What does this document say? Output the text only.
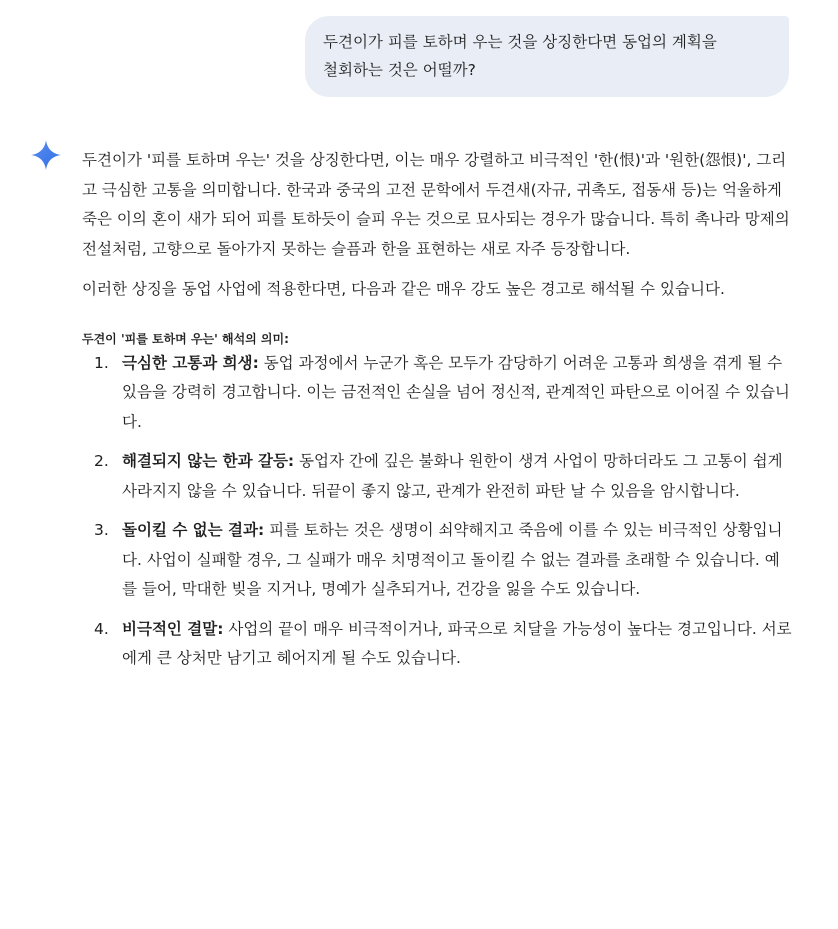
두견이가 피를 토하며 우는 것을 상징한다면 동업의 계획을 철회하는 것은 어떨까?

두견이가 '피를 토하며 우는' 것을 상징한다면, 이는 매우 강렬하고 비극적인 '한(恨)'과 '원한(怨恨)', 그리고 극심한 고통을 의미합니다. 한국과 중국의 고전 문학에서 두견새(자규, 귀촉도, 접동새 등)는 억울하게 죽은 이의 혼이 새가 되어 피를 토하듯이 슬피 우는 것으로 묘사되는 경우가 많습니다. 특히 촉나라 망제의 전설처럼, 고향으로 돌아가지 못하는 슬픔과 한을 표현하는 새로 자주 등장합니다.

이러한 상징을 동업 사업에 적용한다면, 다음과 같은 매우 강도 높은 경고로 해석될 수 있습니다.

두견이 '피를 토하며 우는' 해석의 의미:

1. 극심한 고통과 희생: 동업 과정에서 누군가 혹은 모두가 감당하기 어려운 고통과 희생을 겪게 될 수 있음을 강력히 경고합니다. 이는 금전적인 손실을 넘어 정신적, 관계적인 파탄으로 이어질 수 있습니다.
2. 해결되지 않는 한과 갈등: 동업자 간에 깊은 불화나 원한이 생겨 사업이 망하더라도 그 고통이 쉽게 사라지지 않을 수 있습니다. 뒤끝이 좋지 않고, 관계가 완전히 파탄 날 수 있음을 암시합니다.
3. 돌이킬 수 없는 결과: 피를 토하는 것은 생명이 쇠약해지고 죽음에 이를 수 있는 비극적인 상황입니다. 사업이 실패할 경우, 그 실패가 매우 치명적이고 돌이킬 수 없는 결과를 초래할 수 있습니다. 예를 들어, 막대한 빚을 지거나, 명예가 실추되거나, 건강을 잃을 수도 있습니다.
4. 비극적인 결말: 사업의 끝이 매우 비극적이거나, 파국으로 치달을 가능성이 높다는 경고입니다. 서로에게 큰 상처만 남기고 헤어지게 될 수도 있습니다.
